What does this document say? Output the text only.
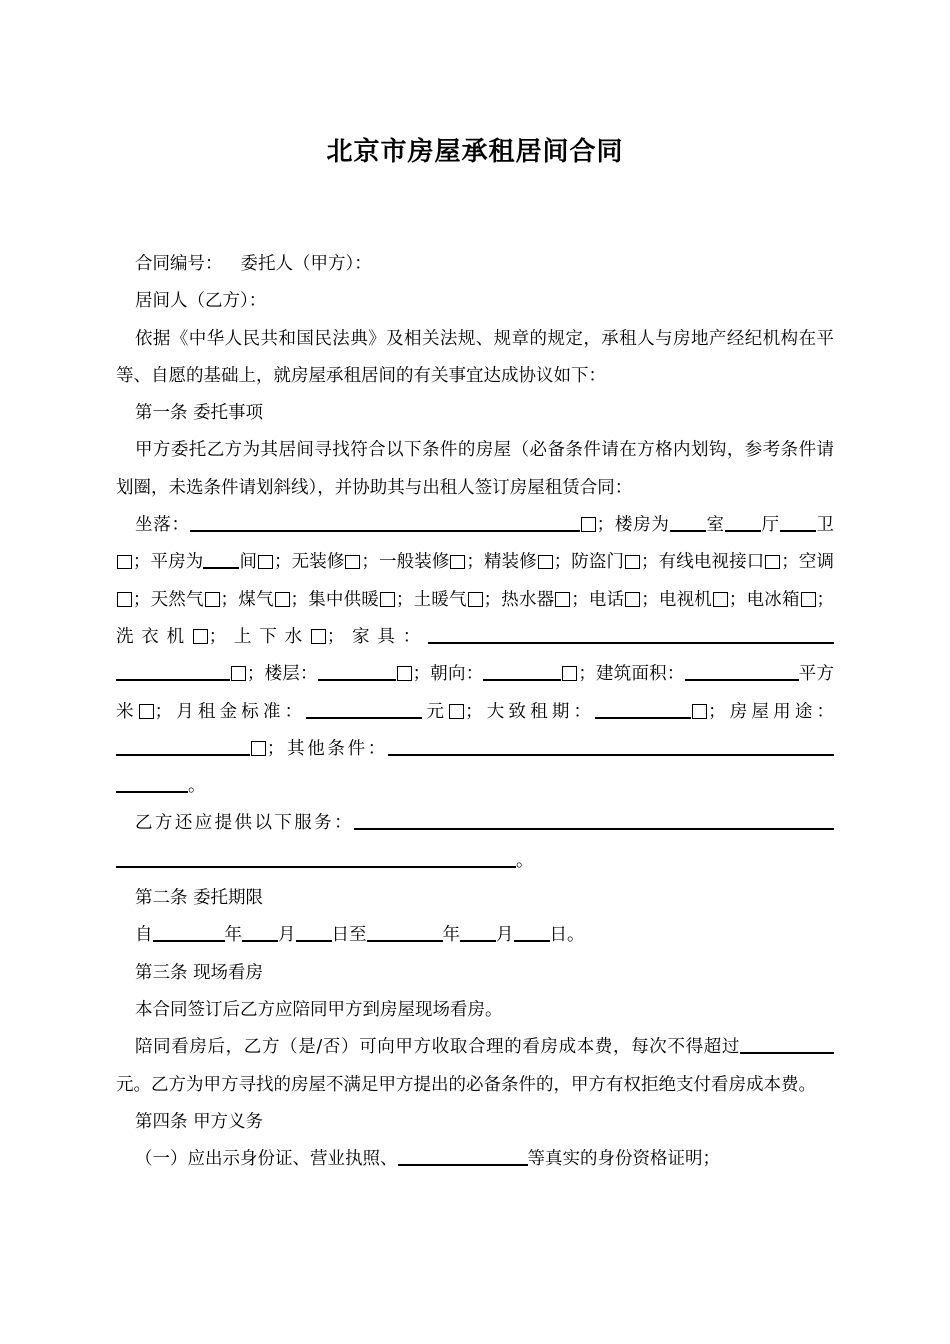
北京市房屋承租居间合同

合同编号： 委托人（甲方）：

居间人（乙方）：

依据《中华人民共和国民法典》及相关法规、规章的规定，承租人与房地产经纪机构在平等、自愿的基础上，就房屋承租居间的有关事宜达成协议如下：

第一条 委托事项

甲方委托乙方为其居间寻找符合以下条件的房屋（必备条件请在方格内划钩，参考条件请划圈，未选条件请划斜线），并协助其与出租人签订房屋租赁合同：

坐落：	；楼房为 室 厅 卫；平房为 间 ；无装修 ；一般装修 ；精装修 ；防盗门 ；有线电视接口 ；空调；天然气 ；煤气 ；集中供暖 ；土暖气 ；热水器 ；电话 ；电视机 ；电冰箱 ；洗衣机 ；上下水 ；家具：；楼层：	；朝向：	；建筑面积：	平方米 ；月租金标准：	元 ；大致租期：	；房屋用途：；其他条件：。

乙方还应提供以下服务：。

第二条 委托期限

自	年 月 日至	年 月 日。

第三条 现场看房

本合同签订后乙方应陪同甲方到房屋现场看房。

陪同看房后，乙方（是/否）可向甲方收取合理的看房成本费，每次不得超过元。乙方为甲方寻找的房屋不满足甲方提出的必备条件的，甲方有权拒绝支付看房成本费。

第四条 甲方义务

（一）应出示身份证、营业执照、	等真实的身份资格证明；
